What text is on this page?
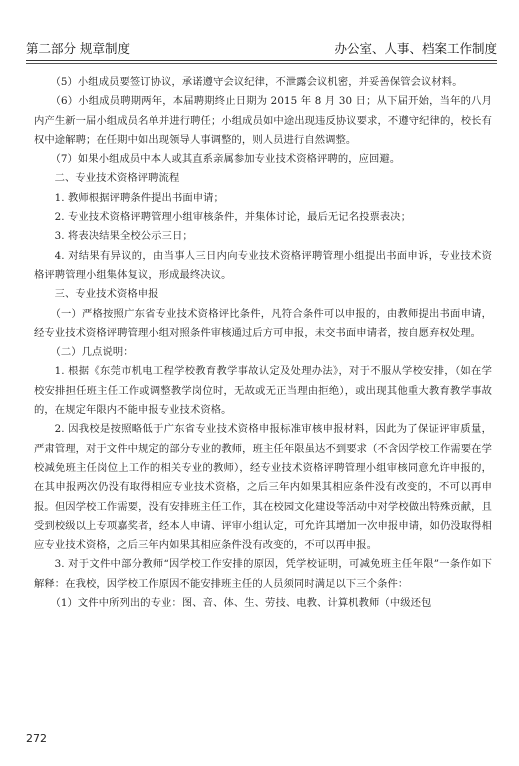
第二部分 规章制度	办公室、人事、档案工作制度

（5）小组成员要签订协议，承诺遵守会议纪律，不泄露会议机密，并妥善保管会议材料。

（6）小组成员聘期两年，本届聘期终止日期为 2015 年 8 月 30 日；从下届开始，当年的八月内产生新一届小组成员名单并进行聘任；小组成员如中途出现违反协议要求，不遵守纪律的，校长有权中途解聘；在任期中如出现领导人事调整的，则人员进行自然调整。

（7）如果小组成员中本人或其直系亲属参加专业技术资格评聘的，应回避。

二、专业技术资格评聘流程

1. 教师根据评聘条件提出书面申请；

2. 专业技术资格评聘管理小组审核条件，并集体讨论，最后无记名投票表决；

3. 将表决结果全校公示三日；

4. 对结果有异议的，由当事人三日内向专业技术资格评聘管理小组提出书面申诉，专业技术资格评聘管理小组集体复议，形成最终决议。

三、专业技术资格申报

（一）严格按照广东省专业技术资格评比条件，凡符合条件可以申报的，由教师提出书面申请，经专业技术资格评聘管理小组对照条件审核通过后方可申报，未交书面申请者，按自愿弃权处理。

（二）几点说明：

1. 根据《东莞市机电工程学校教育教学事故认定及处理办法》，对于不服从学校安排，（如在学校安排担任班主任工作或调整教学岗位时，无故或无正当理由拒绝），或出现其他重大教育教学事故的，在规定年限内不能申报专业技术资格。

2. 因我校是按照略低于广东省专业技术资格申报标准审核申报材料，因此为了保证评审质量，严肃管理，对于文件中规定的部分专业的教师，班主任年限虽达不到要求（不含因学校工作需要在学校减免班主任岗位上工作的相关专业的教师），经专业技术资格评聘管理小组审核同意允许申报的，在其申报两次仍没有取得相应专业技术资格，之后三年内如果其相应条件没有改变的，不可以再申报。但因学校工作需要，没有安排班主任工作，其在校园文化建设等活动中对学校做出特殊贡献，且受到校级以上专项嘉奖者，经本人申请、评审小组认定，可允许其增加一次申报申请，如仍没取得相应专业技术资格，之后三年内如果其相应条件没有改变的，不可以再申报。

3. 对于文件中部分教师“因学校工作安排的原因，凭学校证明，可减免班主任年限”一条作如下解释：在我校，因学校工作原因不能安排班主任的人员须同时满足以下三个条件：

（1）文件中所列出的专业：图、音、体、生、劳技、电教、计算机教师（中级还包

272
